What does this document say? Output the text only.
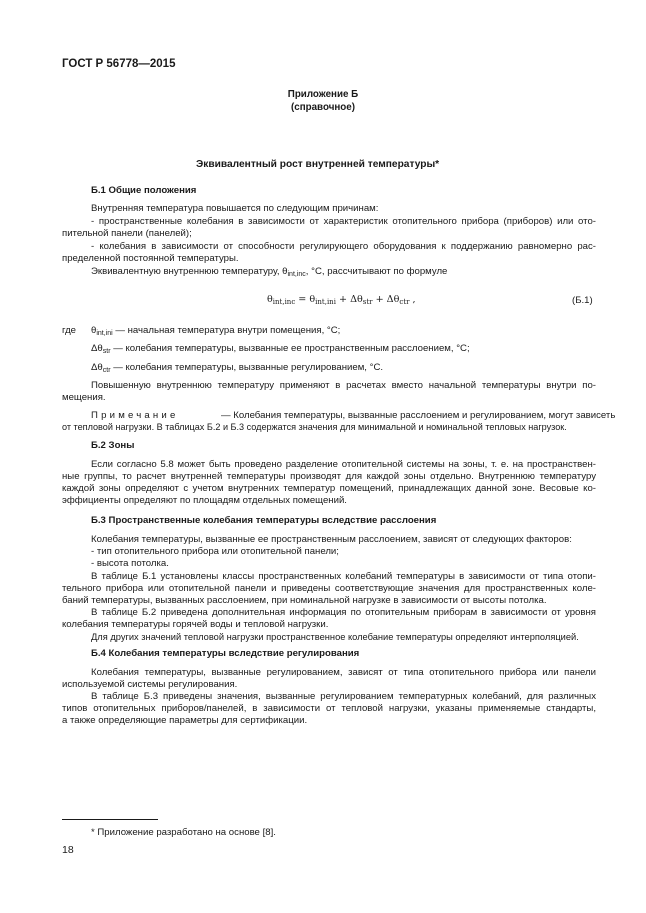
ГОСТ Р 56778—2015
Приложение Б
(справочное)
Эквивалентный рост внутренней температуры*
Б.1 Общие положения
Внутренняя температура повышается по следующим причинам:
- пространственные колебания в зависимости от характеристик отопительного прибора (приборов) или ото-
пительной панели (панелей);
- колебания в зависимости от способности регулирующего оборудования к поддержанию равномерно рас-
пределенной постоянной температуры.
Эквивалентную внутреннюю температуру, $\theta_{int,inc}$, °C, рассчитывают по формуле
$\theta_{int,inc} = \theta_{int,ini} + \Delta\theta_{str} + \Delta\theta_{ctr}$ ,	(Б.1)
где $\theta_{int,ini}$ — начальная температура внутри помещения, °C;
$\Delta\theta_{str}$ — колебания температуры, вызванные ее пространственным расслоением, °C;
$\Delta\theta_{ctr}$ — колебания температуры, вызванные регулированием, °C.
Повышенную внутреннюю температуру применяют в расчетах вместо начальной температуры внутри по-
мещения.
Примечание	— Колебания температуры, вызванные расслоением и регулированием, могут зависеть
от тепловой нагрузки. В таблицах Б.2 и Б.3 содержатся значения для минимальной и номинальной тепловых нагрузок.
Б.2 Зоны
Если согласно 5.8 может быть проведено разделение отопительной системы на зоны, т. е. на пространствен-
ные группы, то расчет внутренней температуры производят для каждой зоны отдельно. Внутреннюю температуру
каждой зоны определяют с учетом внутренних температур помещений, принадлежащих данной зоне. Весовые ко-
эффициенты определяют по площадям отдельных помещений.
Б.3 Пространственные колебания температуры вследствие расслоения
Колебания температуры, вызванные ее пространственным расслоением, зависят от следующих факторов:
- тип отопительного прибора или отопительной панели;
- высота потолка.
В таблице Б.1 установлены классы пространственных колебаний температуры в зависимости от типа отопи-
тельного прибора или отопительной панели и приведены соответствующие значения для пространственных коле-
баний температуры, вызванных расслоением, при номинальной нагрузке в зависимости от высоты потолка.
В таблице Б.2 приведена дополнительная информация по отопительным приборам в зависимости от уровня
колебания температуры горячей воды и тепловой нагрузки.
Для других значений тепловой нагрузки пространственное колебание температуры определяют интерполяцией.
Б.4 Колебания температуры вследствие регулирования
Колебания температуры, вызванные регулированием, зависят от типа отопительного прибора или панели
используемой системы регулирования.
В таблице Б.3 приведены значения, вызванные регулированием температурных колебаний, для различных
типов отопительных приборов/панелей, в зависимости от тепловой нагрузки, указаны применяемые стандарты,
а также определяющие параметры для сертификации.
* Приложение разработано на основе [8].
18
